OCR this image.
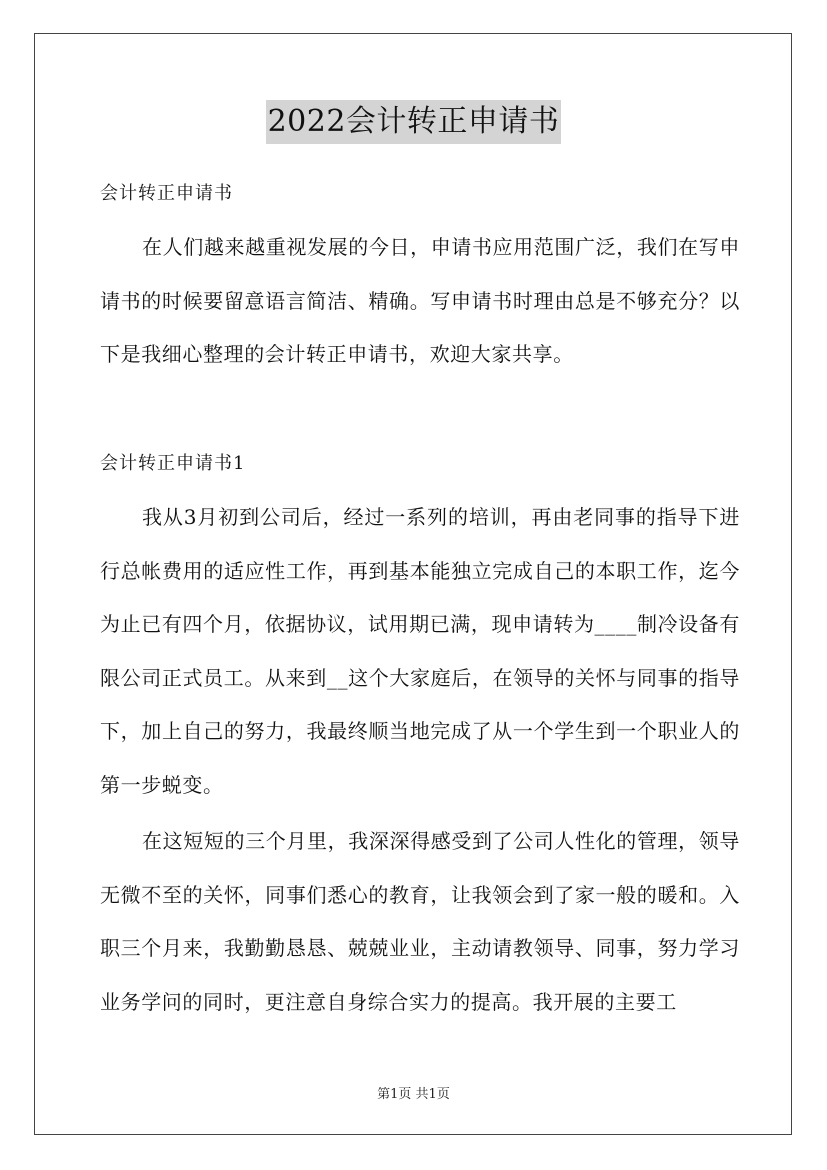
2022会计转正申请书
会计转正申请书

在人们越来越重视发展的今日，申请书应用范围广泛，我们在写申请书的时候要留意语言简洁、精确。写申请书时理由总是不够充分？以下是我细心整理的会计转正申请书，欢迎大家共享。

会计转正申请书1

我从3月初到公司后，经过一系列的培训，再由老同事的指导下进行总帐费用的适应性工作，再到基本能独立完成自己的本职工作，迄今为止已有四个月，依据协议，试用期已满，现申请转为____制冷设备有限公司正式员工。从来到__这个大家庭后，在领导的关怀与同事的指导下，加上自己的努力，我最终顺当地完成了从一个学生到一个职业人的第一步蜕变。

在这短短的三个月里，我深深得感受到了公司人性化的管理，领导无微不至的关怀，同事们悉心的教育，让我领会到了家一般的暖和。入职三个月来，我勤勤恳恳、兢兢业业，主动请教领导、同事，努力学习业务学问的同时，更注意自身综合实力的提高。我开展的主要工

第1页 共1页
